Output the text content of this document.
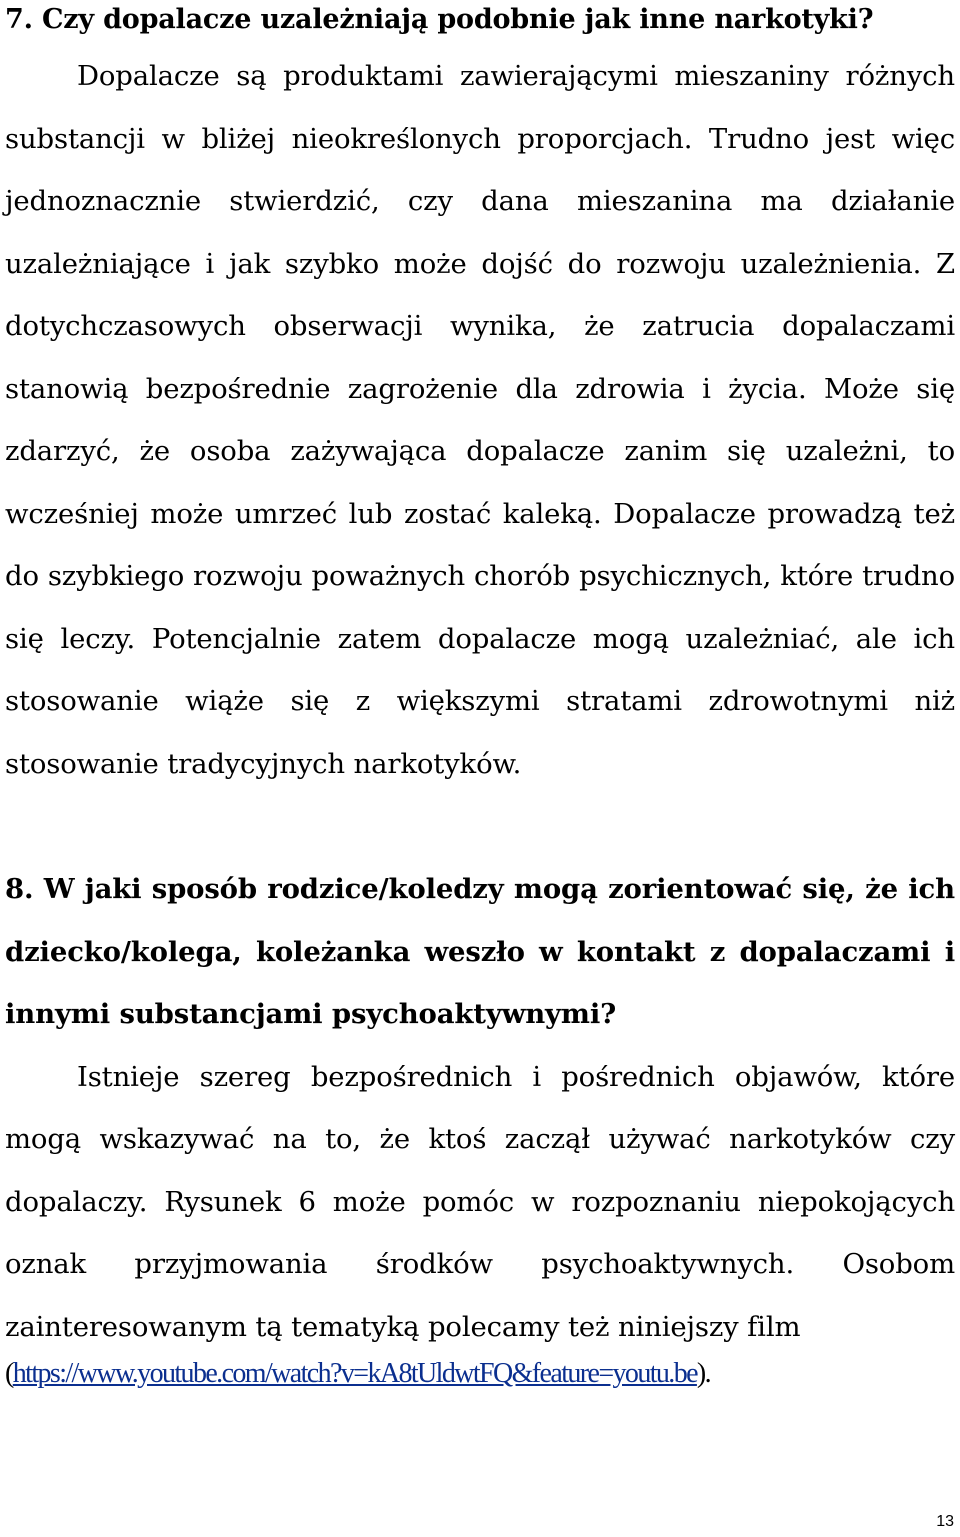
7. Czy dopalacze uzależniają podobnie jak inne narkotyki?

Dopalacze są produktami zawierającymi mieszaniny różnych substancji w bliżej nieokreślonych proporcjach. Trudno jest więc jednoznacznie stwierdzić, czy dana mieszanina ma działanie uzależniające i jak szybko może dojść do rozwoju uzależnienia. Z dotychczasowych obserwacji wynika, że zatrucia dopalaczami stanowią bezpośrednie zagrożenie dla zdrowia i życia. Może się zdarzyć, że osoba zażywająca dopalacze zanim się uzależni, to wcześniej może umrzeć lub zostać kaleką. Dopalacze prowadzą też do szybkiego rozwoju poważnych chorób psychicznych, które trudno się leczy. Potencjalnie zatem dopalacze mogą uzależniać, ale ich stosowanie wiąże się z większymi stratami zdrowotnymi niż stosowanie tradycyjnych narkotyków.

8. W jaki sposób rodzice/koledzy mogą zorientować się, że ich dziecko/kolega, koleżanka weszło w kontakt z dopalaczami i innymi substancjami psychoaktywnymi?

Istnieje szereg bezpośrednich i pośrednich objawów, które mogą wskazywać na to, że ktoś zaczął używać narkotyków czy dopalaczy. Rysunek 6 może pomóc w rozpoznaniu niepokojących oznak przyjmowania środków psychoaktywnych. Osobom zainteresowanym tą tematyką polecamy też niniejszy film

(https://www.youtube.com/watch?v=kA8tUldwtFQ&feature=youtu.be).
13
